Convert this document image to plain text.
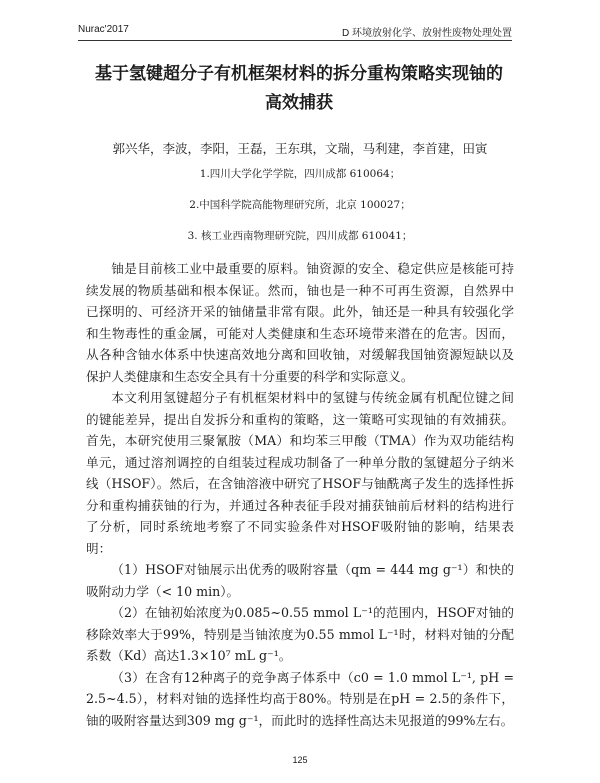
Nurac'2017	D 环境放射化学、放射性废物处理处置
基于氢键超分子有机框架材料的拆分重构策略实现铀的高效捕获
郭兴华，李波，李阳，王磊，王东琪，文瑞，马利建，李首建，田寅
1.四川大学化学学院，四川成都 610064；
2.中国科学院高能物理研究所，北京 100027；
3. 核工业西南物理研究院，四川成都 610041；

铀是目前核工业中最重要的原料。铀资源的安全、稳定供应是核能可持续发展的物质基础和根本保证。然而，铀也是一种不可再生资源，自然界中已探明的、可经济开采的铀储量非常有限。此外，铀还是一种具有较强化学和生物毒性的重金属，可能对人类健康和生态环境带来潜在的危害。因而，从各种含铀水体系中快速高效地分离和回收铀，对缓解我国铀资源短缺以及保护人类健康和生态安全具有十分重要的科学和实际意义。

本文利用氢键超分子有机框架材料中的氢键与传统金属有机配位键之间的键能差异，提出自发拆分和重构的策略，这一策略可实现铀的有效捕获。首先，本研究使用三聚氰胺（MA）和均苯三甲酸（TMA）作为双功能结构单元，通过溶剂调控的自组装过程成功制备了一种单分散的氢键超分子纳米线（HSOF）。然后，在含铀溶液中研究了HSOF与铀酰离子发生的选择性拆分和重构捕获铀的行为，并通过各种表征手段对捕获铀前后材料的结构进行了分析，同时系统地考察了不同实验条件对HSOF吸附铀的影响，结果表明：

（1）HSOF对铀展示出优秀的吸附容量（qm = 444 mg g⁻¹）和快的吸附动力学（< 10 min）。

（2）在铀初始浓度为0.085~0.55 mmol L⁻¹的范围内，HSOF对铀的移除效率大于99%，特别是当铀浓度为0.55 mmol L⁻¹时，材料对铀的分配系数（Kd）高达1.3×10⁷ mL g⁻¹。

（3）在含有12种离子的竞争离子体系中（c0 = 1.0 mmol L⁻¹, pH = 2.5~4.5），材料对铀的选择性均高于80%。特别是在pH = 2.5的条件下，铀的吸附容量达到309 mg g⁻¹，而此时的选择性高达未见报道的99%左右。

125
